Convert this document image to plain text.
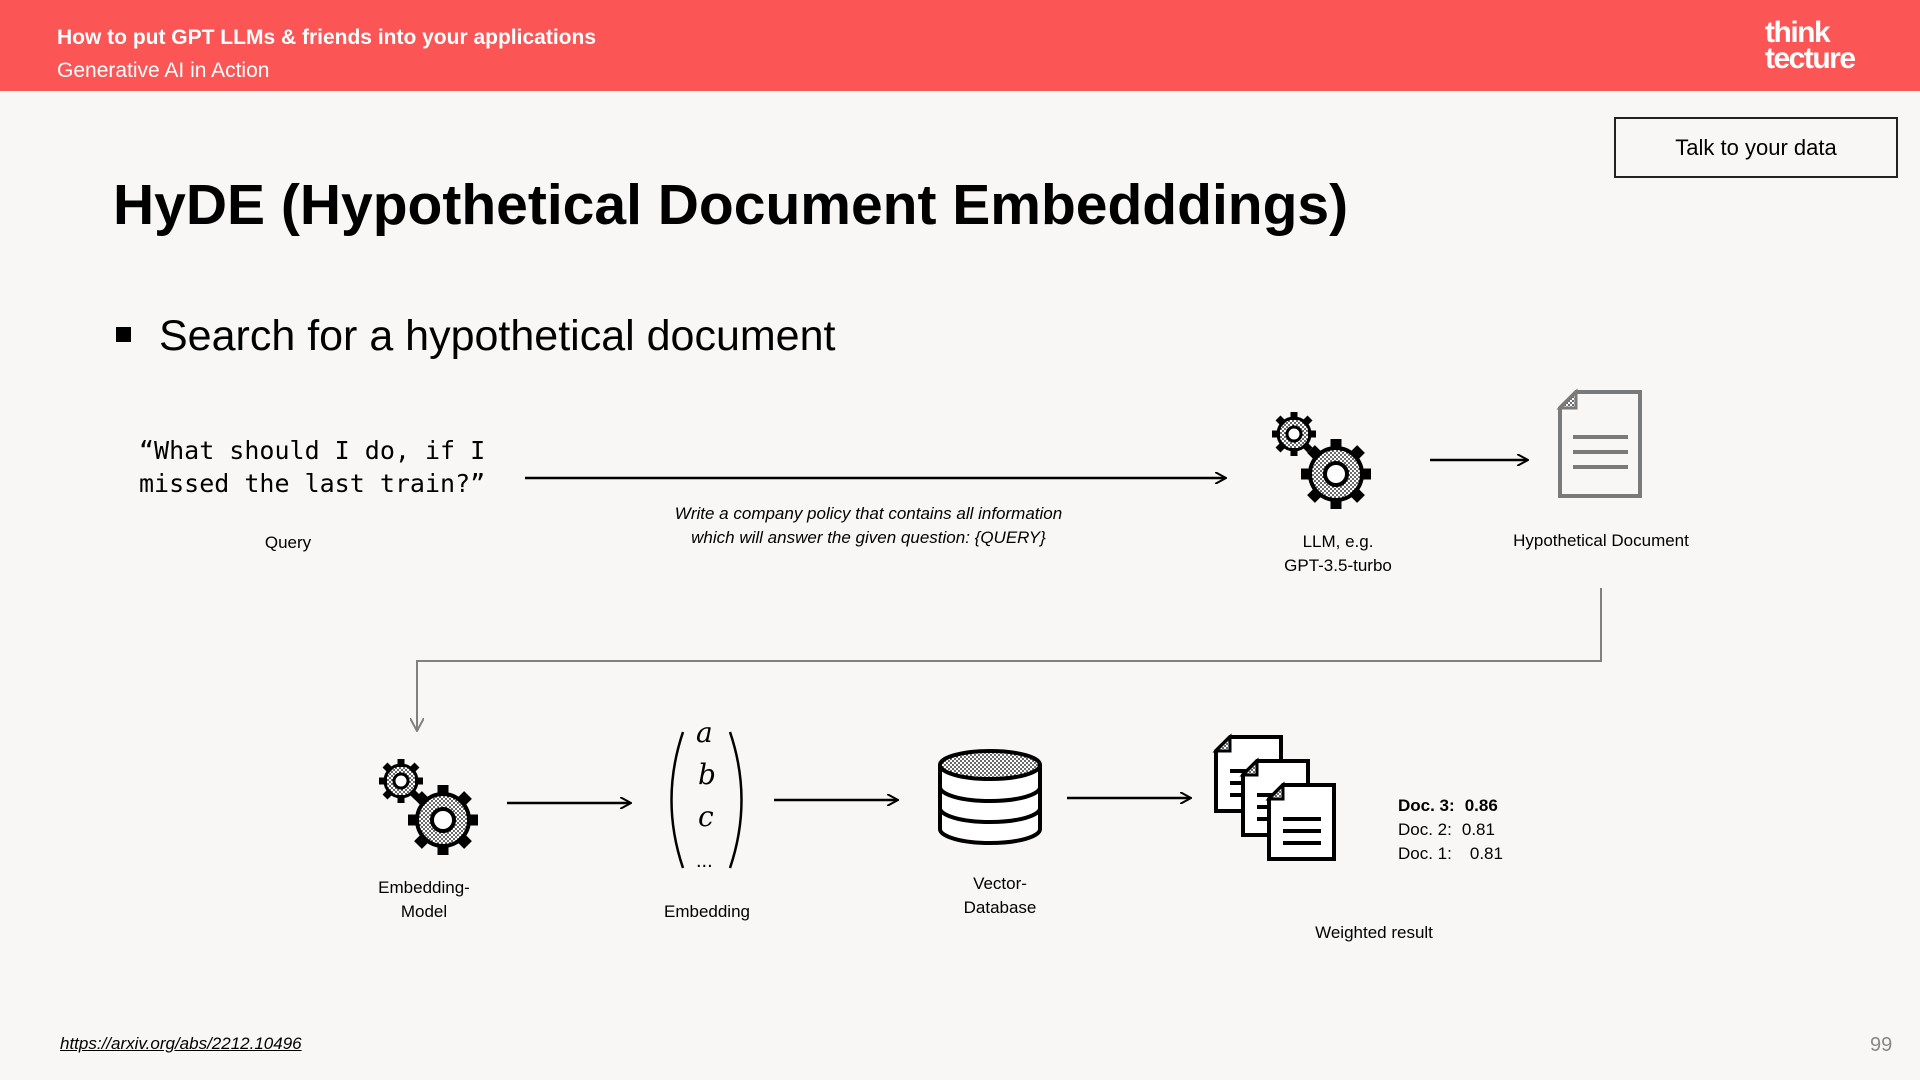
How to put GPT LLMs & friends into your applications
Generative AI in Action
think
tecture
Talk to your data
HyDE (Hypothetical Document Embedddings)
Search for a hypothetical document
“What should I do, if I
missed the last train?”
Query
Write a company policy that contains all information
which will answer the given question: {QUERY}	LLM, e.g.
GPT-3.5-turbo
Hypothetical Document
Embedding-
Model
a
b
c
...
Embedding
Vector-
Database
Weighted result
Doc. 3: 0.86
Doc. 2: 0.81
Doc. 1: 0.81
https://arxiv.org/abs/2212.10496	99
